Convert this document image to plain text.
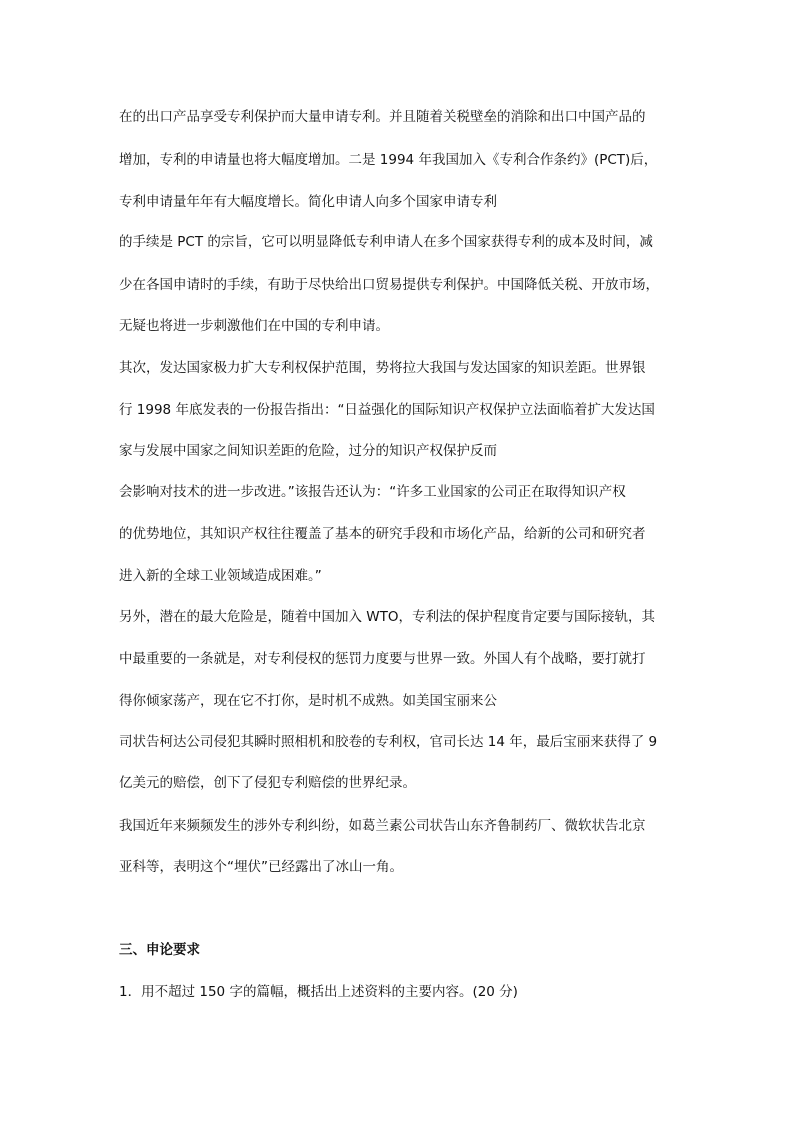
在的出口产品享受专利保护而大量申请专利。并且随着关税壁垒的消除和出口中国产品的
增加，专利的申请量也将大幅度增加。二是 1994 年我国加入《专利合作条约》(PCT)后，
专利申请量年年有大幅度增长。简化申请人向多个国家申请专利
的手续是 PCT 的宗旨，它可以明显降低专利申请人在多个国家获得专利的成本及时间，减
少在各国申请时的手续，有助于尽快给出口贸易提供专利保护。中国降低关税、开放市场，
无疑也将进一步刺激他们在中国的专利申请。
其次，发达国家极力扩大专利权保护范围，势将拉大我国与发达国家的知识差距。世界银
行 1998 年底发表的一份报告指出：“日益强化的国际知识产权保护立法面临着扩大发达国
家与发展中国家之间知识差距的危险，过分的知识产权保护反而
会影响对技术的进一步改进。”该报告还认为：“许多工业国家的公司正在取得知识产权
的优势地位，其知识产权往往覆盖了基本的研究手段和市场化产品，给新的公司和研究者
进入新的全球工业领域造成困难。”
另外，潜在的最大危险是，随着中国加入 WTO，专利法的保护程度肯定要与国际接轨，其
中最重要的一条就是，对专利侵权的惩罚力度要与世界一致。外国人有个战略，要打就打
得你倾家荡产，现在它不打你，是时机不成熟。如美国宝丽来公
司状告柯达公司侵犯其瞬时照相机和胶卷的专利权，官司长达 14 年，最后宝丽来获得了 9
亿美元的赔偿，创下了侵犯专利赔偿的世界纪录。
我国近年来频频发生的涉外专利纠纷，如葛兰素公司状告山东齐鲁制药厂、微软状告北京
亚科等，表明这个“埋伏”已经露出了冰山一角。
三、申论要求
1．用不超过 150 字的篇幅，概括出上述资料的主要内容。(20 分)
